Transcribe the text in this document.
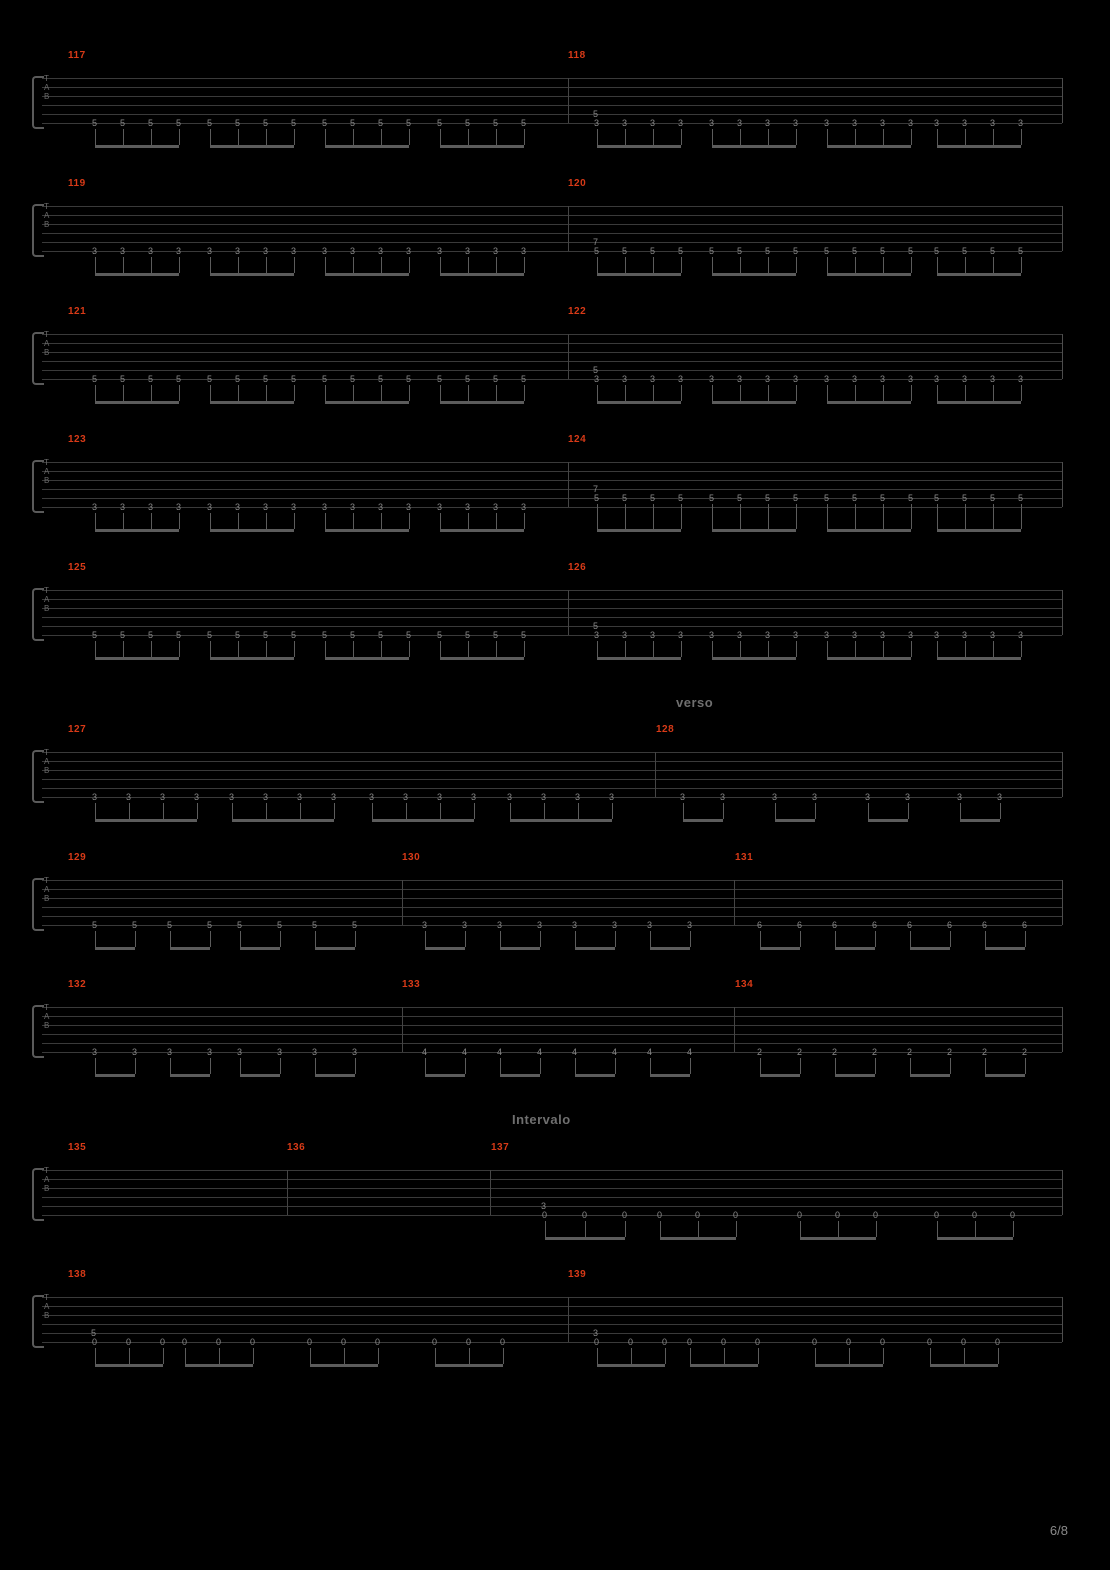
T
A
B
5	5	5	5	5	5	5	5	5	5	5	5	5	5	5	5
5
3	3	3	3	3	3	3	3	3	3	3	3 3	3	3	3
117	118
T
A
B
3	3	3	3	3	3	3	3	3	3	3	3	3	3	3	3
7
5	5	5	5	5	5	5	5	5	5	5	5 5	5	5	5
119	120
T
A
B
5	5	5	5	5	5	5	5	5	5	5	5	5	5	5	5
5
3	3	3	3	3	3	3	3	3	3	3	3 3	3	3	3
121	122
T
A
B
3	3	3	3	3	3	3	3	3	3	3	3	3	3	3	3
7
5	5	5	5	5	5	5	5	5	5	5	5 5	5	5	5
123	124
T
A
B
5	5	5	5	5	5	5	5	5	5	5	5	5	5	5	5
5
3	3	3	3	3	3	3	3	3	3	3	3 3	3	3	3
125	126
T
A
B
3	3	3	3	3	3	3	3	3	3	3	3	3	3	3	3	3	3	3	3	3	3	3	3
127	128
T
A
B
5	5	5	5	5	5	5	5	3	3	3	3	3	3	3	3	6	6	6	6	6	6	6	6
129	130	131
T
A
B
3	3	3	3	3	3	3	3	4	4	4	4	4	4	4	4	2	2	2	2	2	2	2	2
132	133	134
T
A
B
3
0	0	0	0	0	0	0	0	0	0	0	0
135	136	137
T
A
B
5
0	0	0 0	0	0	0	0	0	0	0	0
3
0	0	0 0	0	0	0	0	0	0	0	0
138	139
verso
Intervalo
6/8
